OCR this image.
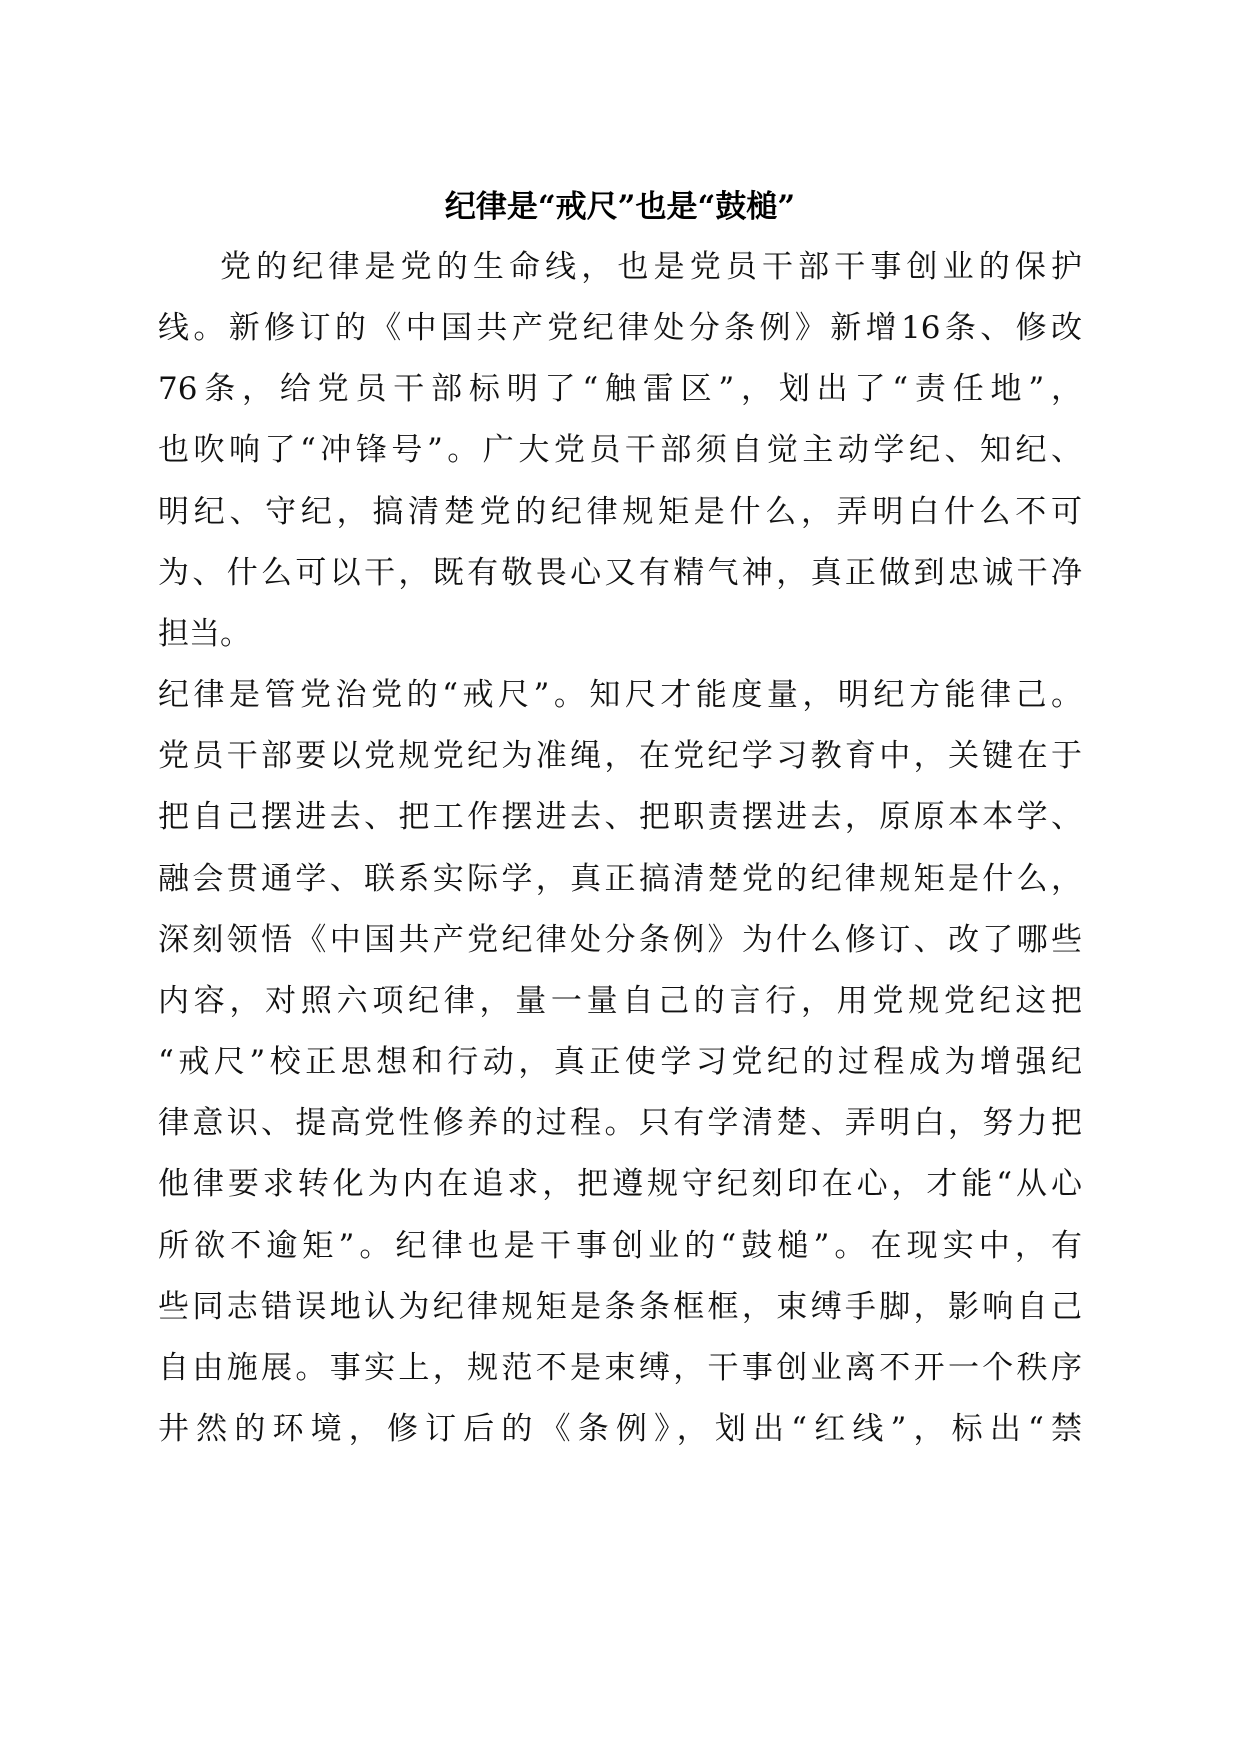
纪律是“戒尺”也是“鼓槌”
党的纪律是党的生命线，也是党员干部干事创业的保护
线。新修订的《中国共产党纪律处分条例》新增16条、修改
76条，给党员干部标明了“触雷区”，划出了“责任地”，
也吹响了“冲锋号”。广大党员干部须自觉主动学纪、知纪、
明纪、守纪，搞清楚党的纪律规矩是什么，弄明白什么不可
为、什么可以干，既有敬畏心又有精气神，真正做到忠诚干净
担当。
纪律是管党治党的“戒尺”。知尺才能度量，明纪方能律己。
党员干部要以党规党纪为准绳，在党纪学习教育中，关键在于
把自己摆进去、把工作摆进去、把职责摆进去，原原本本学、
融会贯通学、联系实际学，真正搞清楚党的纪律规矩是什么，
深刻领悟《中国共产党纪律处分条例》为什么修订、改了哪些
内容，对照六项纪律，量一量自己的言行，用党规党纪这把
“戒尺”校正思想和行动，真正使学习党纪的过程成为增强纪
律意识、提高党性修养的过程。只有学清楚、弄明白，努力把
他律要求转化为内在追求，把遵规守纪刻印在心，才能“从心
所欲不逾矩”。纪律也是干事创业的“鼓槌”。在现实中，有
些同志错误地认为纪律规矩是条条框框，束缚手脚，影响自己
自由施展。事实上，规范不是束缚，干事创业离不开一个秩序
井然的环境，修订后的《条例》，划出“红线”，标出“禁
